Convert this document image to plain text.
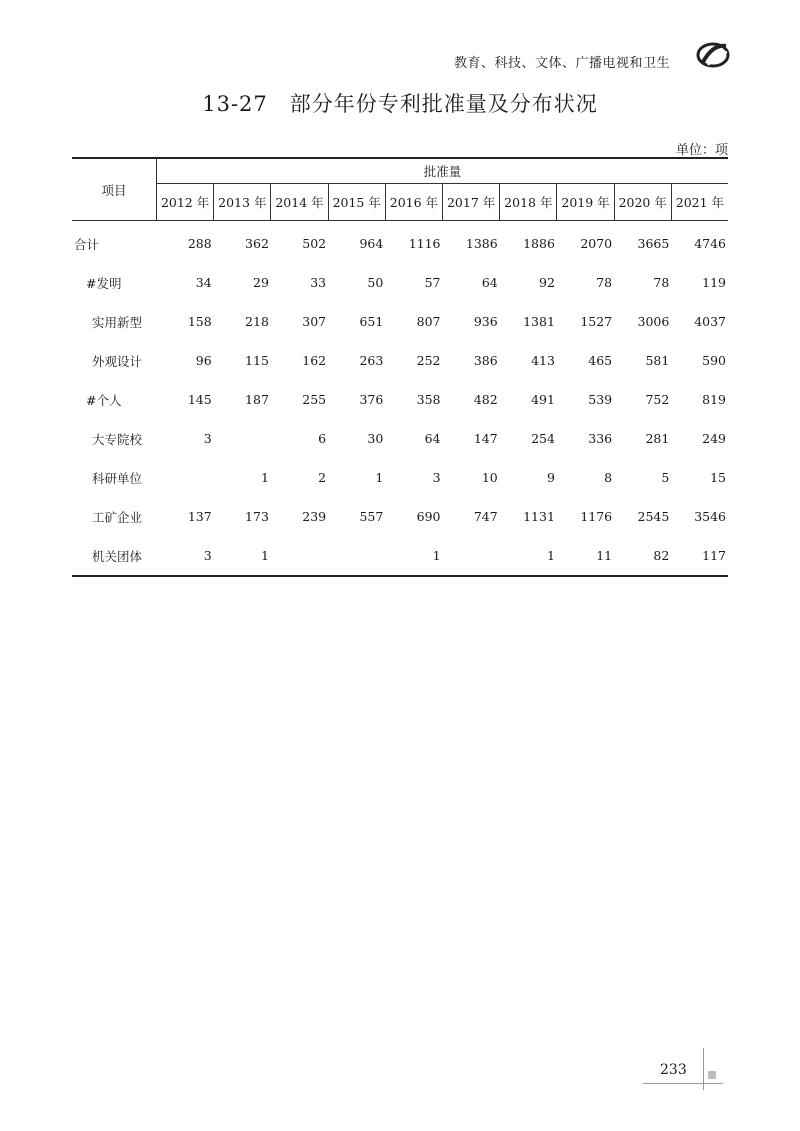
教育、科技、文体、广播电视和卫生
13-27 部分年份专利批准量及分布状况
单位：项
项目	批准量									
	2012 年	2013 年	2014 年	2015 年	2016 年	2017 年	2018 年	2019 年	2020 年	2021 年
合计	288	362	502	964	1116	1386	1886	2070	3665	4746
#发明	34	29	33	50	57	64	92	78	78	119
实用新型	158	218	307	651	807	936	1381	1527	3006	4037
外观设计	96	115	162	263	252	386	413	465	581	590
#个人	145	187	255	376	358	482	491	539	752	819
大专院校	3		6	30	64	147	254	336	281	249
科研单位		1	2	1	3	10	9	8	5	15
工矿企业	137	173	239	557	690	747	1131	1176	2545	3546
机关团体	3	1			1		1	11	82	117
233
